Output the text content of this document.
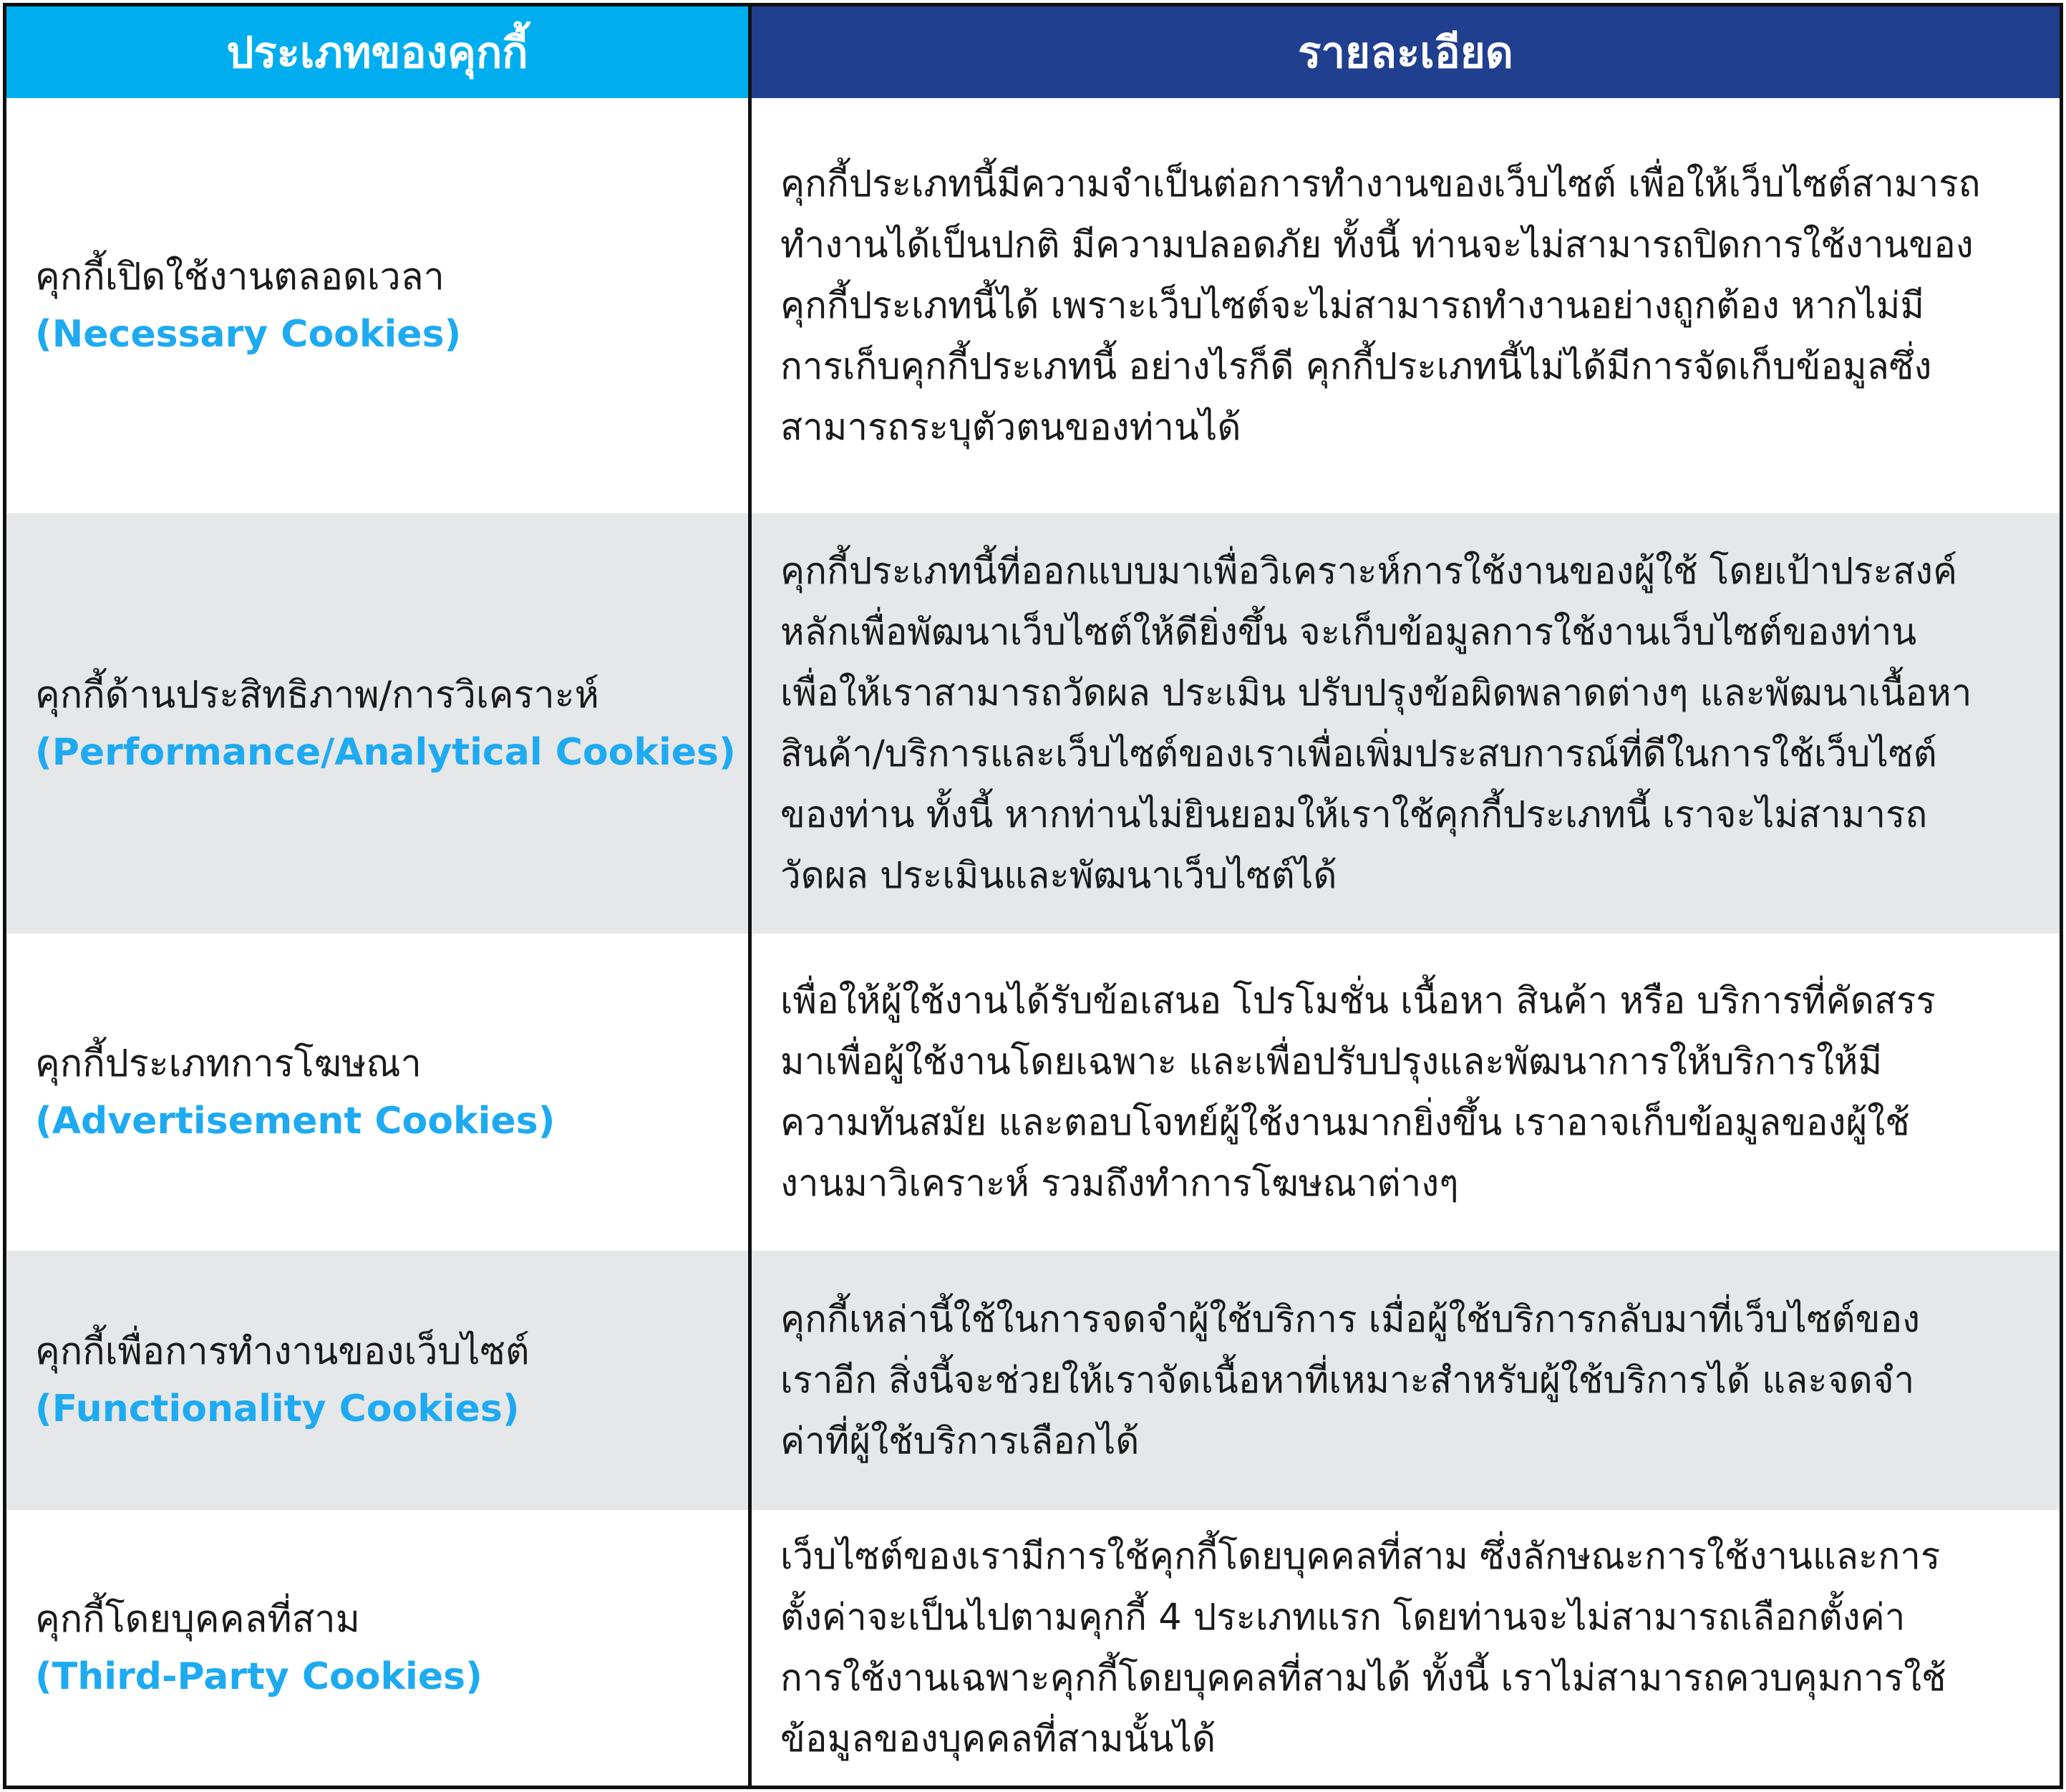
ประเภทของคุกกี้	รายละเอียด
คุกกี้เปิดใช้งานตลอดเวลา
(Necessary Cookies)
คุกกี้ประเภทนี้มีความจำเป็นต่อการทำงานของเว็บไซต์ เพื่อให้เว็บไซต์สามารถ
ทำงานได้เป็นปกติ มีความปลอดภัย ทั้งนี้ ท่านจะไม่สามารถปิดการใช้งานของ
คุกกี้ประเภทนี้ได้ เพราะเว็บไซต์จะไม่สามารถทำงานอย่างถูกต้อง หากไม่มี
การเก็บคุกกี้ประเภทนี้ อย่างไรก็ดี คุกกี้ประเภทนี้ไม่ได้มีการจัดเก็บข้อมูลซึ่ง
สามารถระบุตัวตนของท่านได้
คุกกี้ด้านประสิทธิภาพ/การวิเคราะห์
(Performance/Analytical Cookies)
คุกกี้ประเภทนี้ที่ออกแบบมาเพื่อวิเคราะห์การใช้งานของผู้ใช้ โดยเป้าประสงค์
หลักเพื่อพัฒนาเว็บไซต์ให้ดียิ่งขึ้น จะเก็บข้อมูลการใช้งานเว็บไซต์ของท่าน
เพื่อให้เราสามารถวัดผล ประเมิน ปรับปรุงข้อผิดพลาดต่างๆ และพัฒนาเนื้อหา
สินค้า/บริการและเว็บไซต์ของเราเพื่อเพิ่มประสบการณ์ที่ดีในการใช้เว็บไซต์
ของท่าน ทั้งนี้ หากท่านไม่ยินยอมให้เราใช้คุกกี้ประเภทนี้ เราจะไม่สามารถ
วัดผล ประเมินและพัฒนาเว็บไซต์ได้
คุกกี้ประเภทการโฆษณา
(Advertisement Cookies)
เพื่อให้ผู้ใช้งานได้รับข้อเสนอ โปรโมชั่น เนื้อหา สินค้า หรือ บริการที่คัดสรร
มาเพื่อผู้ใช้งานโดยเฉพาะ และเพื่อปรับปรุงและพัฒนาการให้บริการให้มี
ความทันสมัย และตอบโจทย์ผู้ใช้งานมากยิ่งขึ้น เราอาจเก็บข้อมูลของผู้ใช้
งานมาวิเคราะห์ รวมถึงทำการโฆษณาต่างๆ
คุกกี้เพื่อการทำงานของเว็บไซต์
(Functionality Cookies)
คุกกี้เหล่านี้ใช้ในการจดจำผู้ใช้บริการ เมื่อผู้ใช้บริการกลับมาที่เว็บไซต์ของ
เราอีก สิ่งนี้จะช่วยให้เราจัดเนื้อหาที่เหมาะสำหรับผู้ใช้บริการได้ และจดจำ
ค่าที่ผู้ใช้บริการเลือกได้
คุกกี้โดยบุคคลที่สาม
(Third-Party Cookies)
เว็บไซต์ของเรามีการใช้คุกกี้โดยบุคคลที่สาม ซึ่งลักษณะการใช้งานและการ
ตั้งค่าจะเป็นไปตามคุกกี้ 4 ประเภทแรก โดยท่านจะไม่สามารถเลือกตั้งค่า
การใช้งานเฉพาะคุกกี้โดยบุคคลที่สามได้ ทั้งนี้ เราไม่สามารถควบคุมการใช้
ข้อมูลของบุคคลที่สามนั้นได้
